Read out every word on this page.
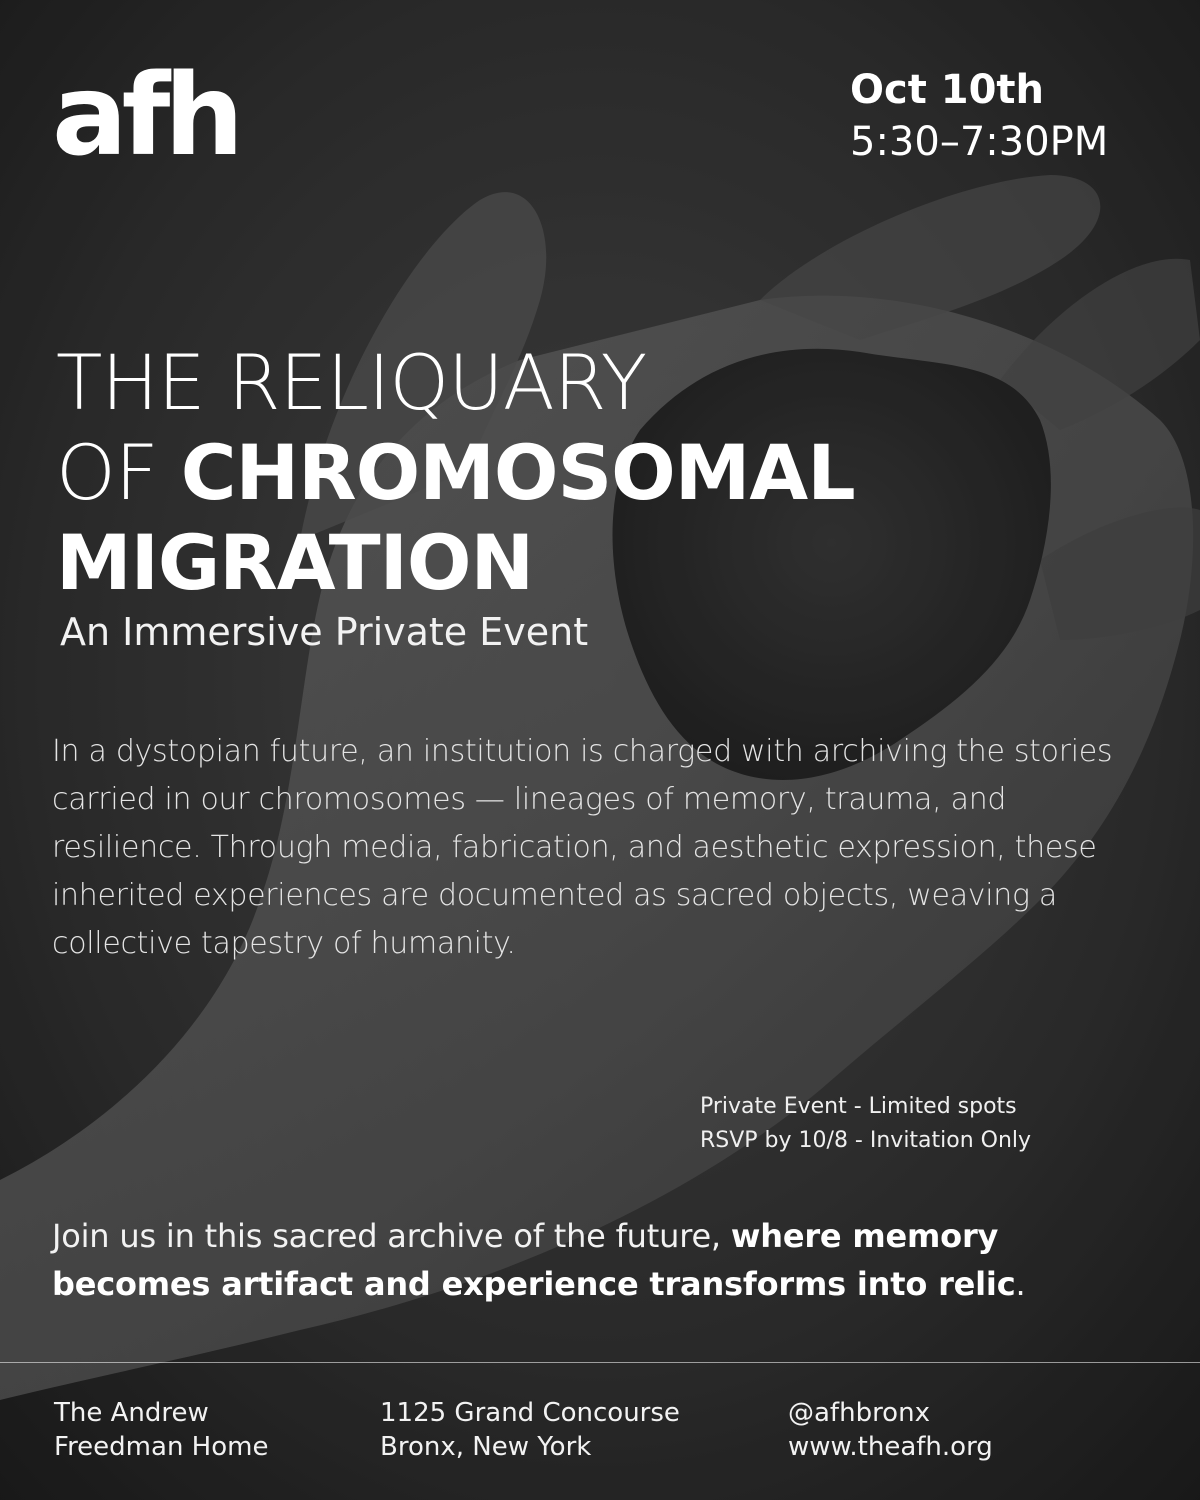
afh	Oct 10th
5:30–7:30PM
THE RELIQUARY
OF CHROMOSOMAL
MIGRATION
An Immersive Private Event
In a dystopian future, an institution is charged with archiving the stories carried in our chromosomes — lineages of memory, trauma, and resilience. Through media, fabrication, and aesthetic expression, these inherited experiences are documented as sacred objects, weaving a collective tapestry of humanity.
Private Event - Limited spots
RSVP by 10/8 - Invitation Only
Join us in this sacred archive of the future, where memory becomes artifact and experience transforms into relic.
The Andrew
Freedman Home
1125 Grand Concourse
Bronx, New York
@afhbronx
www.theafh.org
